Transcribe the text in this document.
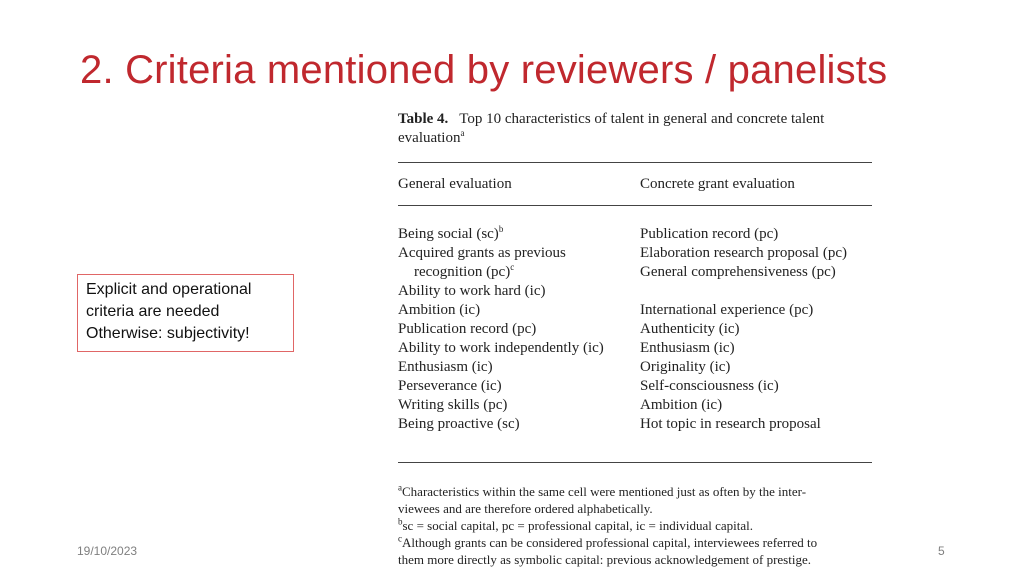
2. Criteria mentioned by reviewers / panelists
Explicit and operational
criteria are needed
Otherwise: subjectivity!
Table 4. Top 10 characteristics of talent in general and concrete talent evaluation$^a$
General evaluation	Concrete grant evaluation
Being social (sc)$^b$
Acquired grants as previous
recognition (pc)$^c$
Ability to work hard (ic)
Ambition (ic)
Publication record (pc)
Ability to work independently (ic)
Enthusiasm (ic)
Perseverance (ic)
Writing skills (pc)
Being proactive (sc)
Publication record (pc)
Elaboration research proposal (pc)
General comprehensiveness (pc)
International experience (pc)
Authenticity (ic)
Enthusiasm (ic)
Originality (ic)
Self-consciousness (ic)
Ambition (ic)
Hot topic in research proposal
$^a$Characteristics within the same cell were mentioned just as often by the inter-
viewees and are therefore ordered alphabetically.
$^b$sc = social capital, pc = professional capital, ic = individual capital.
$^c$Although grants can be considered professional capital, interviewees referred to
them more directly as symbolic capital: previous acknowledgement of prestige.
19/10/2023	5
